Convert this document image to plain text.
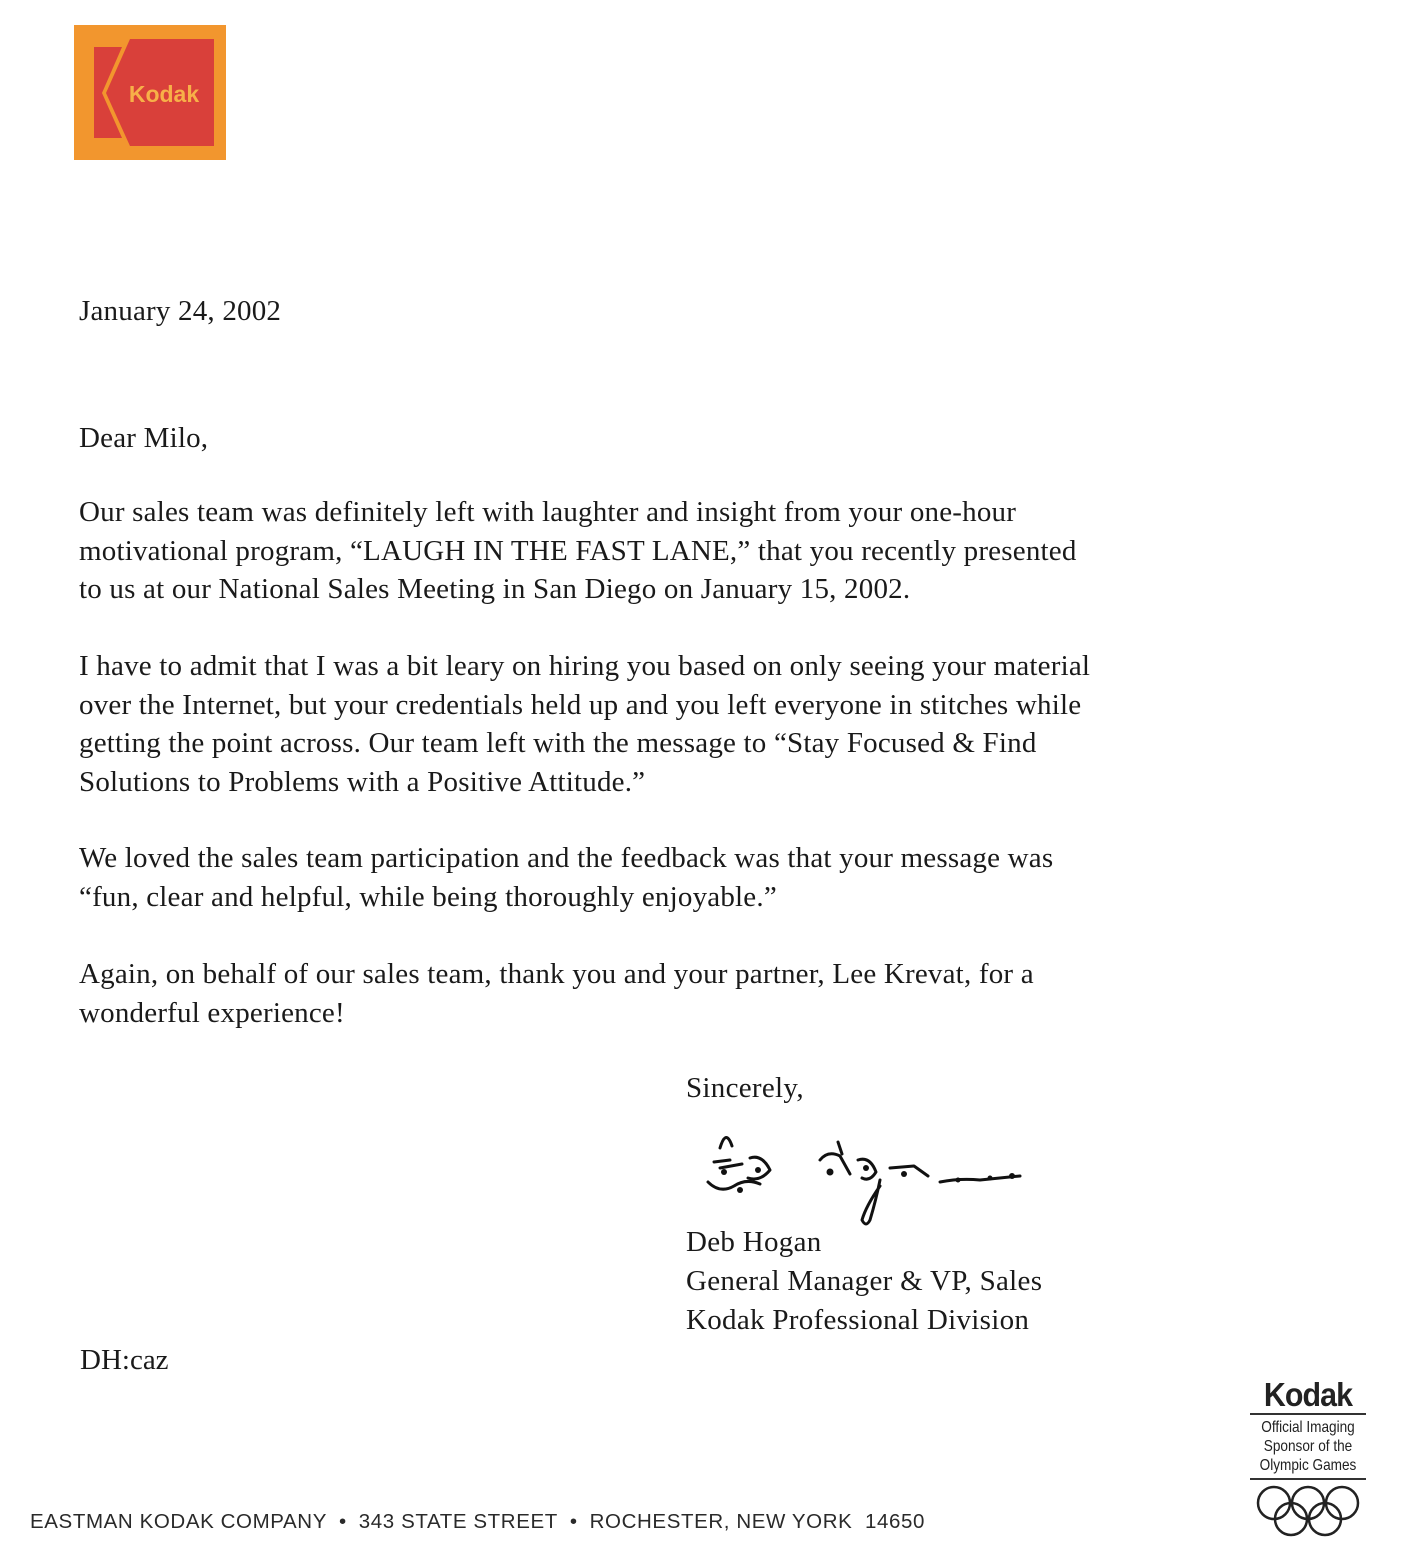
Kodak
January 24, 2002
Dear Milo,
Our sales team was definitely left with laughter and insight from your one-hour
motivational program, “LAUGH IN THE FAST LANE,” that you recently presented
to us at our National Sales Meeting in San Diego on January 15, 2002.
I have to admit that I was a bit leary on hiring you based on only seeing your material
over the Internet, but your credentials held up and you left everyone in stitches while
getting the point across. Our team left with the message to “Stay Focused & Find
Solutions to Problems with a Positive Attitude.”
We loved the sales team participation and the feedback was that your message was
“fun, clear and helpful, while being thoroughly enjoyable.”
Again, on behalf of our sales team, thank you and your partner, Lee Krevat, for a
wonderful experience!
Sincerely,
Deb Hogan
General Manager & VP, Sales
Kodak Professional Division
DH:caz
Kodak
Official Imaging
Sponsor of the
Olympic Games
EASTMAN KODAK COMPANY • 343 STATE STREET • ROCHESTER, NEW YORK  14650
